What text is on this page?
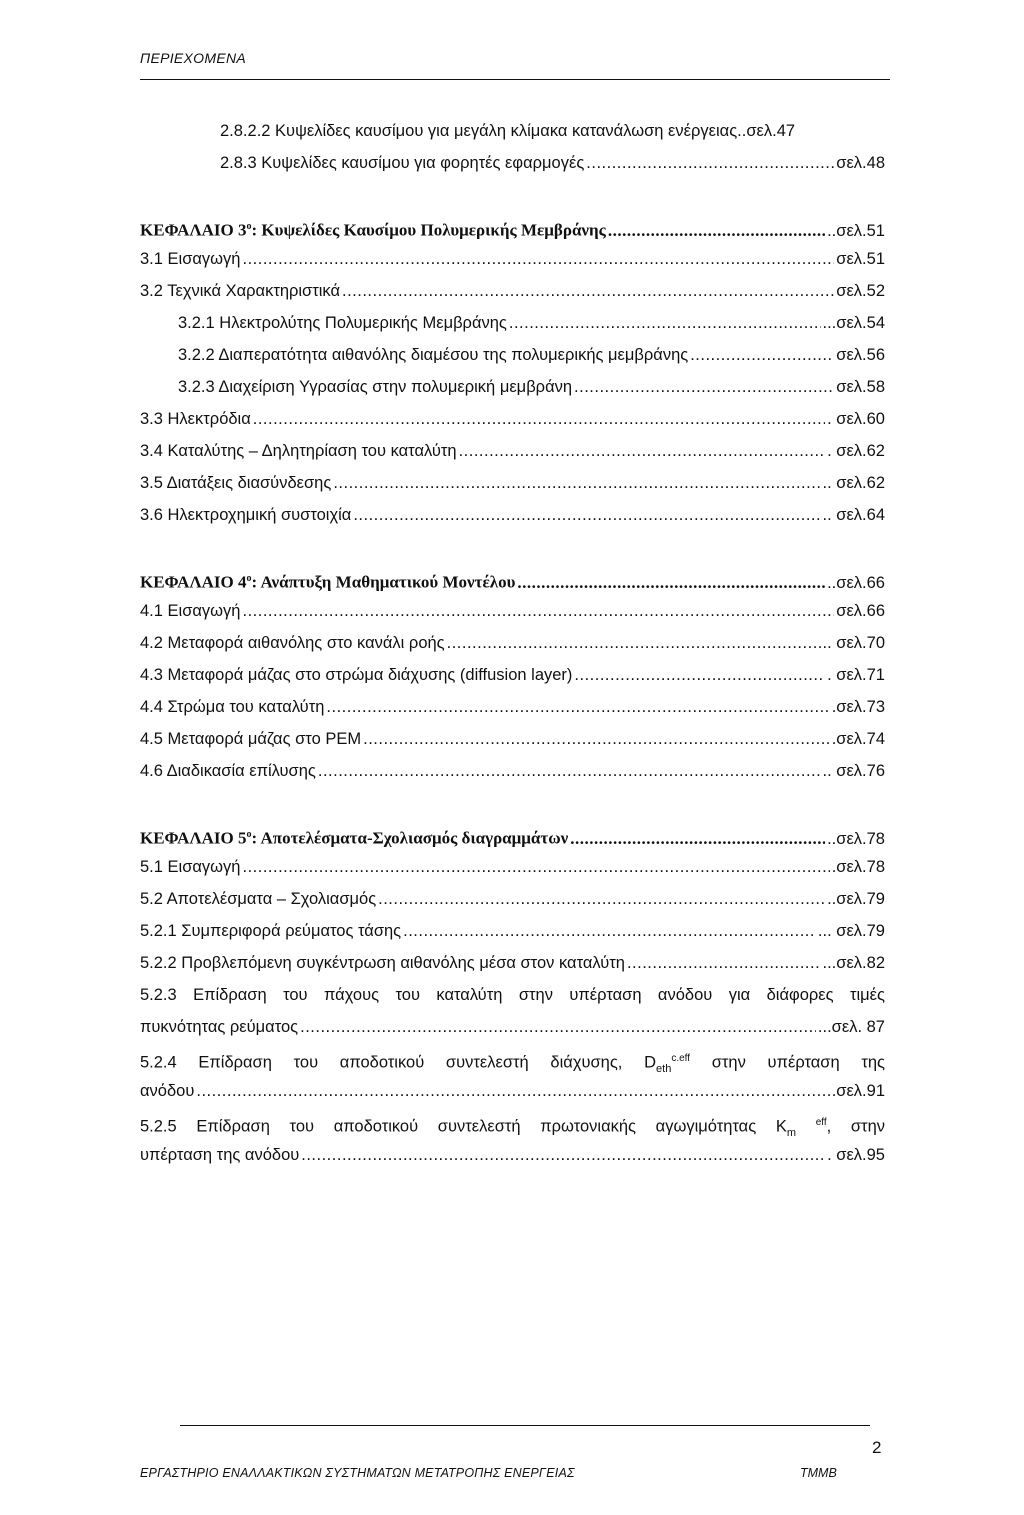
ΠΕΡΙΕΧΟΜΕΝΑ
2.8.2.2 Κυψελίδες καυσίμου για μεγάλη κλίμακα κατανάλωση ενέργειας..σελ.47
2.8.3 Κυψελίδες καυσίμου για φορητές εφαρμογές .....	σελ.48
ΚΕΦΑΛΑΙΟ $3^o$: Κυψελίδες Καυσίμου Πολυμερικής Μεμβράνης .....	..σελ.51
3.1 Εισαγωγή .....	σελ.51
3.2 Τεχνικά Χαρακτηριστικά .....	σελ.52
3.2.1 Ηλεκτρολύτης Πολυμερικής Μεμβράνης .....	...σελ.54
3.2.2 Διαπερατότητα αιθανόλης διαμέσου της πολυμερικής μεμβράνης .....	σελ.56
3.2.3 Διαχείριση Υγρασίας στην πολυμερική μεμβράνη .....	σελ.58
3.3 Ηλεκτρόδια .....	. σελ.60
3.4 Καταλύτης – Δηλητηρίαση του καταλύτη .....	. σελ.62
3.5 Διατάξεις διασύνδεσης .....	.. σελ.62
3.6 Ηλεκτροχημική συστοιχία .....	.. σελ.64
ΚΕΦΑΛΑΙΟ $4^o$: Ανάπτυξη Μαθηματικού Μοντέλου .....	..σελ.66
4.1 Εισαγωγή .....	σελ.66
4.2 Μεταφορά αιθανόλης στο κανάλι ροής .....	.. σελ.70
4.3 Μεταφορά μάζας στο στρώμα διάχυσης (diffusion layer) .....	. σελ.71
4.4 Στρώμα του καταλύτη .....	.σελ.73
4.5 Μεταφορά μάζας στο PEM .....	.σελ.74
4.6 Διαδικασία επίλυσης .....	.. σελ.76
ΚΕΦΑΛΑΙΟ $5^o$: Αποτελέσματα-Σχολιασμός διαγραμμάτων .....	..σελ.78
5.1 Εισαγωγή .....	.σελ.78
5.2 Αποτελέσματα – Σχολιασμός .....	..σελ.79
5.2.1 Συμπεριφορά ρεύματος τάσης .....	... σελ.79
5.2.2 Προβλεπόμενη συγκέντρωση αιθανόλης μέσα στον καταλύτη .....	...σελ.82
5.2.3 Επίδραση του πάχους του καταλύτη στην υπέρταση ανόδου για διάφορες τιμές
πυκνότητας ρεύματος .....	...σελ. 87
5.2.4 Επίδραση του αποδοτικού συντελεστή διάχυσης, $D_{eth}^{c.eff}$ στην υπέρταση της
ανόδου .....	.σελ.91
5.2.5 Επίδραση του αποδοτικού συντελεστή πρωτονιακής αγωγιμότητας $K_m$ $^{eff}$, στην
υπέρταση της ανόδου .....	. σελ.95
2
ΕΡΓΑΣΤΗΡΙΟ ΕΝΑΛΛΑΚΤΙΚΩΝ ΣΥΣΤΗΜΑΤΩΝ ΜΕΤΑΤΡΟΠΗΣ ΕΝΕΡΓΕΙΑΣ	ΤΜΜΒ
